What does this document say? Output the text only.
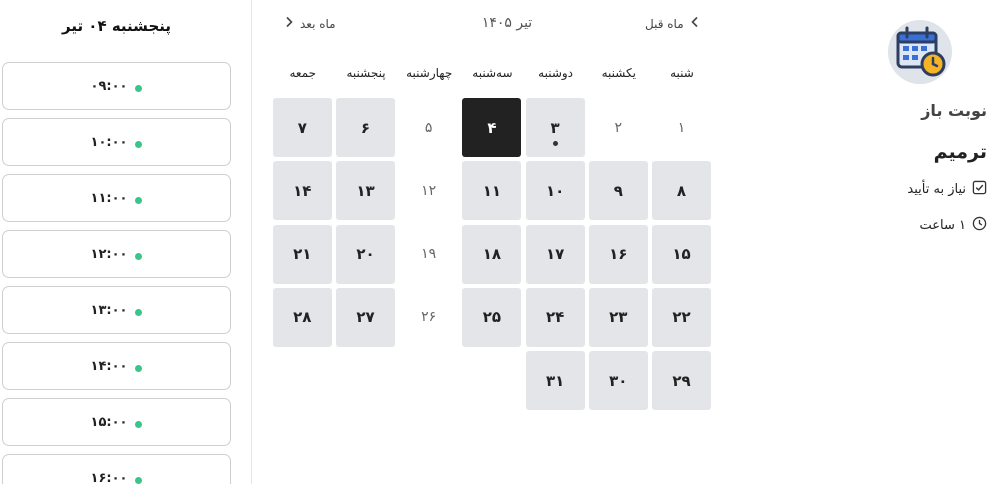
نوبت باز
ترمیم
نیاز به تأیید
۱ ساعت
ماه قبل
تیر ۱۴۰۵
ماه بعد
شنبه
یکشنبه
دوشنبه
سه‌شنبه
چهارشنبه
پنجشنبه
جمعه
۱
۲
۳
۴
۵
۶
۷
۸
۹
۱۰
۱۱
۱۲
۱۳
۱۴
۱۵
۱۶
۱۷
۱۸
۱۹
۲۰
۲۱
۲۲
۲۳
۲۴
۲۵
۲۶
۲۷
۲۸
۲۹
۳۰
۳۱
پنجشنبه ۰۴ تیر
۰۹:۰۰
۱۰:۰۰
۱۱:۰۰
۱۲:۰۰
۱۳:۰۰
۱۴:۰۰
۱۵:۰۰
۱۶:۰۰
